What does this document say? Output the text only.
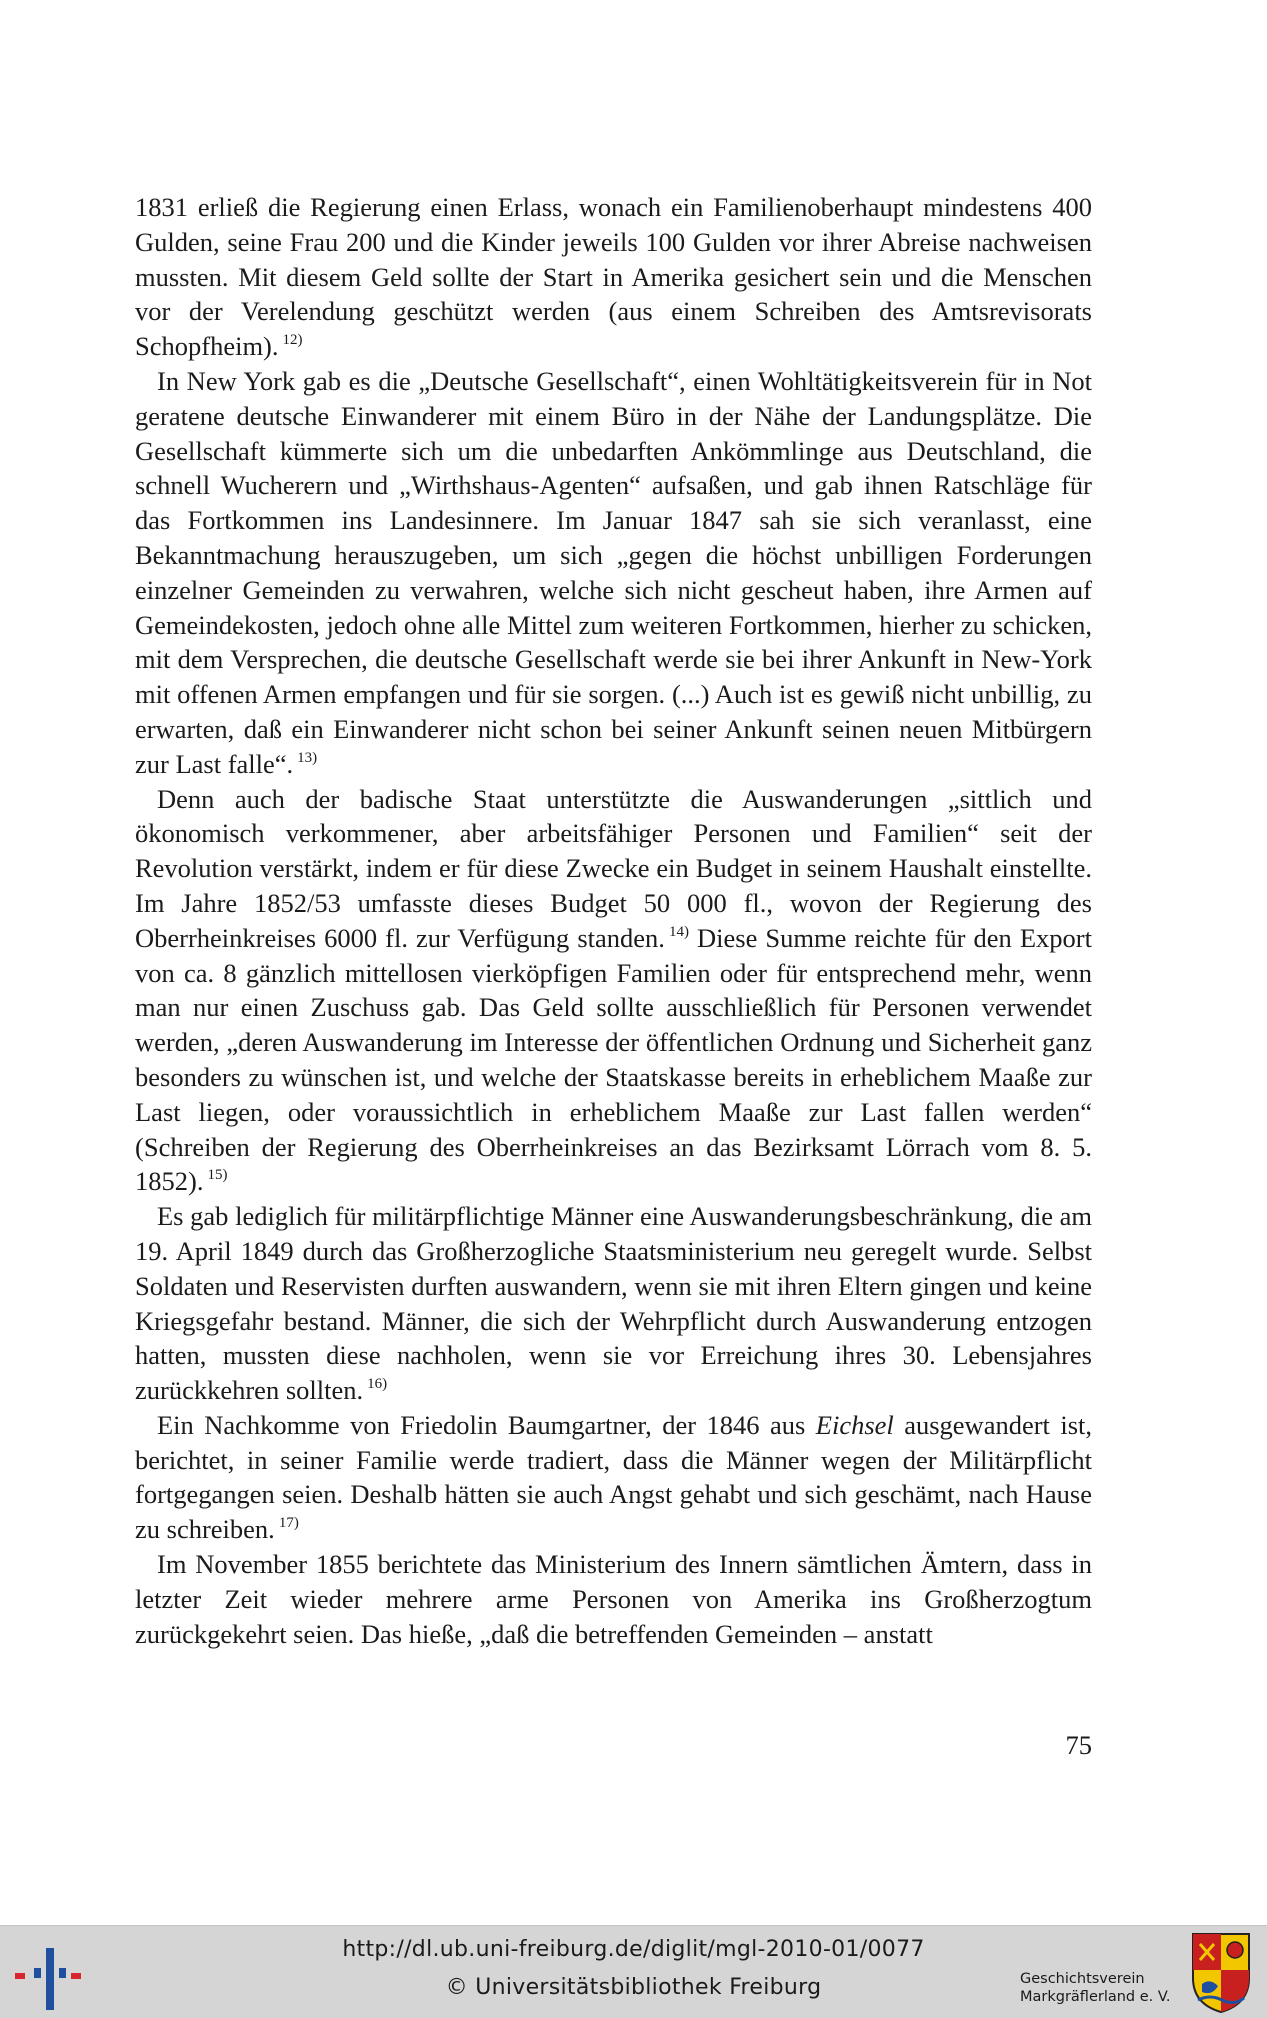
1831 erließ die Regierung einen Erlass, wonach ein Familienoberhaupt mindestens 400 Gulden, seine Frau 200 und die Kinder jeweils 100 Gulden vor ihrer Abreise nachweisen mussten. Mit diesem Geld sollte der Start in Amerika gesichert sein und die Menschen vor der Verelendung geschützt werden (aus einem Schreiben des Amtsrevisorats Schopfheim). $^{12)}$

In New York gab es die „Deutsche Gesellschaft“, einen Wohltätigkeitsverein für in Not geratene deutsche Einwanderer mit einem Büro in der Nähe der Landungsplätze. Die Gesellschaft kümmerte sich um die unbedarften Ankömmlinge aus Deutschland, die schnell Wucherern und „Wirthshaus-Agenten“ aufsaßen, und gab ihnen Ratschläge für das Fortkommen ins Landesinnere. Im Januar 1847 sah sie sich veranlasst, eine Bekanntmachung herauszugeben, um sich „gegen die höchst unbilligen Forderungen einzelner Gemeinden zu verwahren, welche sich nicht gescheut haben, ihre Armen auf Gemeindekosten, jedoch ohne alle Mittel zum weiteren Fortkommen, hierher zu schicken, mit dem Versprechen, die deutsche Gesellschaft werde sie bei ihrer Ankunft in New-York mit offenen Armen empfangen und für sie sorgen. (...) Auch ist es gewiß nicht unbillig, zu erwarten, daß ein Einwanderer nicht schon bei seiner Ankunft seinen neuen Mitbürgern zur Last falle“. $^{13)}$

Denn auch der badische Staat unterstützte die Auswanderungen „sittlich und ökonomisch verkommener, aber arbeitsfähiger Personen und Familien“ seit der Revolution verstärkt, indem er für diese Zwecke ein Budget in seinem Haushalt einstellte. Im Jahre 1852/53 umfasste dieses Budget 50 000 fl., wovon der Regierung des Oberrheinkreises 6000 fl. zur Verfügung standen. $^{14)}$ Diese Summe reichte für den Export von ca. 8 gänzlich mittellosen vierköpfigen Familien oder für entsprechend mehr, wenn man nur einen Zuschuss gab. Das Geld sollte ausschließlich für Personen verwendet werden, „deren Auswanderung im Interesse der öffentlichen Ordnung und Sicherheit ganz besonders zu wünschen ist, und welche der Staatskasse bereits in erheblichem Maaße zur Last liegen, oder voraussichtlich in erheblichem Maaße zur Last fallen werden“ (Schreiben der Regierung des Oberrheinkreises an das Bezirksamt Lörrach vom 8. 5. 1852). $^{15)}$

Es gab lediglich für militärpflichtige Männer eine Auswanderungsbeschränkung, die am 19. April 1849 durch das Großherzogliche Staatsministerium neu geregelt wurde. Selbst Soldaten und Reservisten durften auswandern, wenn sie mit ihren Eltern gingen und keine Kriegsgefahr bestand. Männer, die sich der Wehrpflicht durch Auswanderung entzogen hatten, mussten diese nachholen, wenn sie vor Erreichung ihres 30. Lebensjahres zurückkehren sollten. $^{16)}$

Ein Nachkomme von Friedolin Baumgartner, der 1846 aus Eichsel ausgewandert ist, berichtet, in seiner Familie werde tradiert, dass die Männer wegen der Militärpflicht fortgegangen seien. Deshalb hätten sie auch Angst gehabt und sich geschämt, nach Hause zu schreiben. $^{17)}$

Im November 1855 berichtete das Ministerium des Innern sämtlichen Ämtern, dass in letzter Zeit wieder mehrere arme Personen von Amerika ins Großherzogtum zurückgekehrt seien. Das hieße, „daß die betreffenden Gemeinden – anstatt

75
http://dl.ub.uni-freiburg.de/diglit/mgl-2010-01/0077
© Universitätsbibliothek Freiburg	Geschichtsverein
Markgräflerland e. V.
